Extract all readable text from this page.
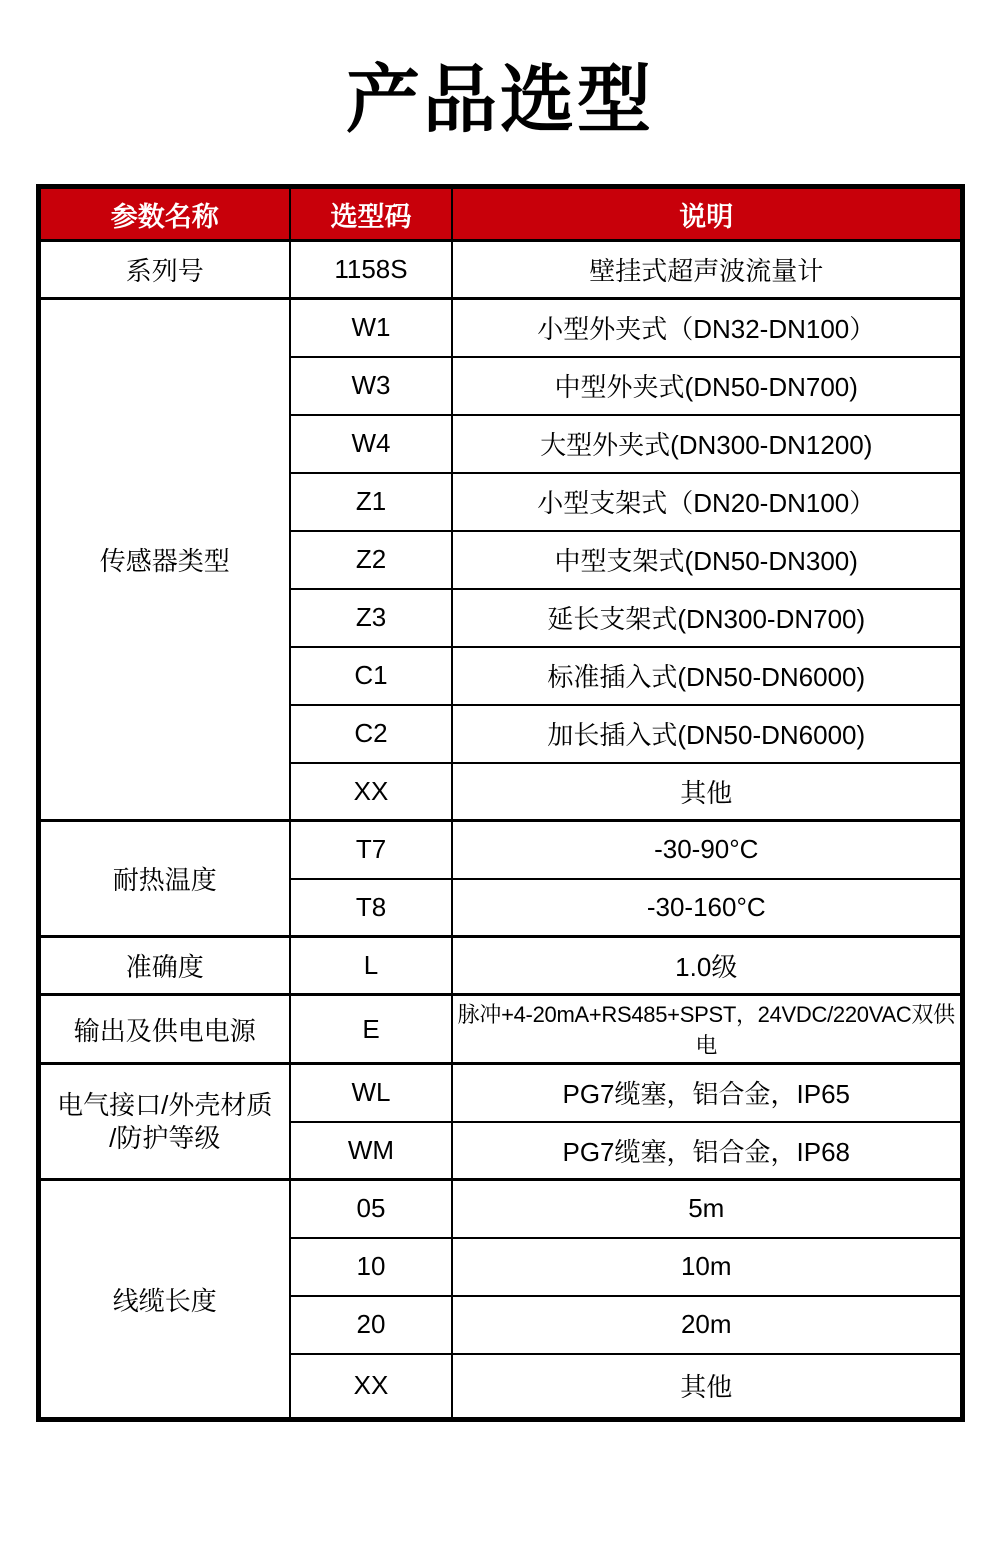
产品选型
参数名称	选型码	说明
系列号	1158S	壁挂式超声波流量计
传感器类型	W1	小型外夹式（DN32-DN100）
	W3	中型外夹式(DN50-DN700)
	W4	大型外夹式(DN300-DN1200)
	Z1	小型支架式（DN20-DN100）
	Z2	中型支架式(DN50-DN300)
	Z3	延长支架式(DN300-DN700)
	C1	标准插入式(DN50-DN6000)
	C2	加长插入式(DN50-DN6000)
	XX	其他
耐热温度	T7	-30-90°C
	T8	-30-160°C
准确度	L	1.0级
输出及供电电源	E	脉冲+4-20mA+RS485+SPST，24VDC/220VAC双供电

电气接口/外壳材质
/防护等级	WL	PG7缆塞，铝合金，IP65
	WM	PG7缆塞，铝合金，IP68
线缆长度	05	5m
	10	10m
	20	20m
	XX	其他
